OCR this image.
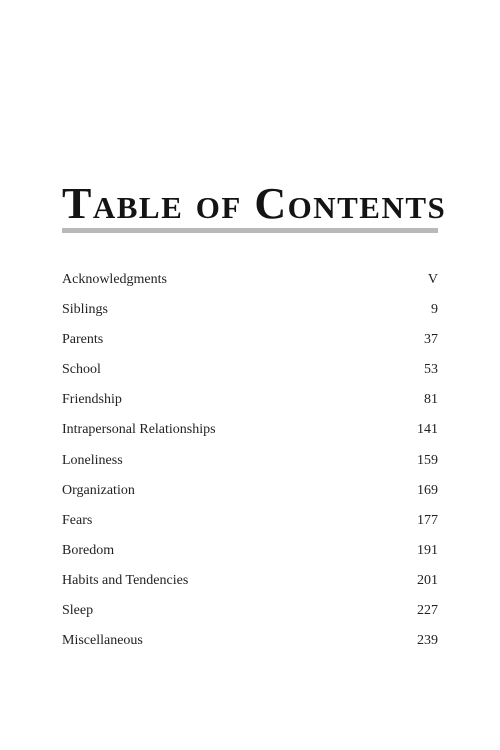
Table of Contents
Acknowledgments	V
Siblings	9
Parents	37
School	53
Friendship	81
Intrapersonal Relationships	141
Loneliness	159
Organization	169
Fears	177
Boredom	191
Habits and Tendencies	201
Sleep	227
Miscellaneous	239
